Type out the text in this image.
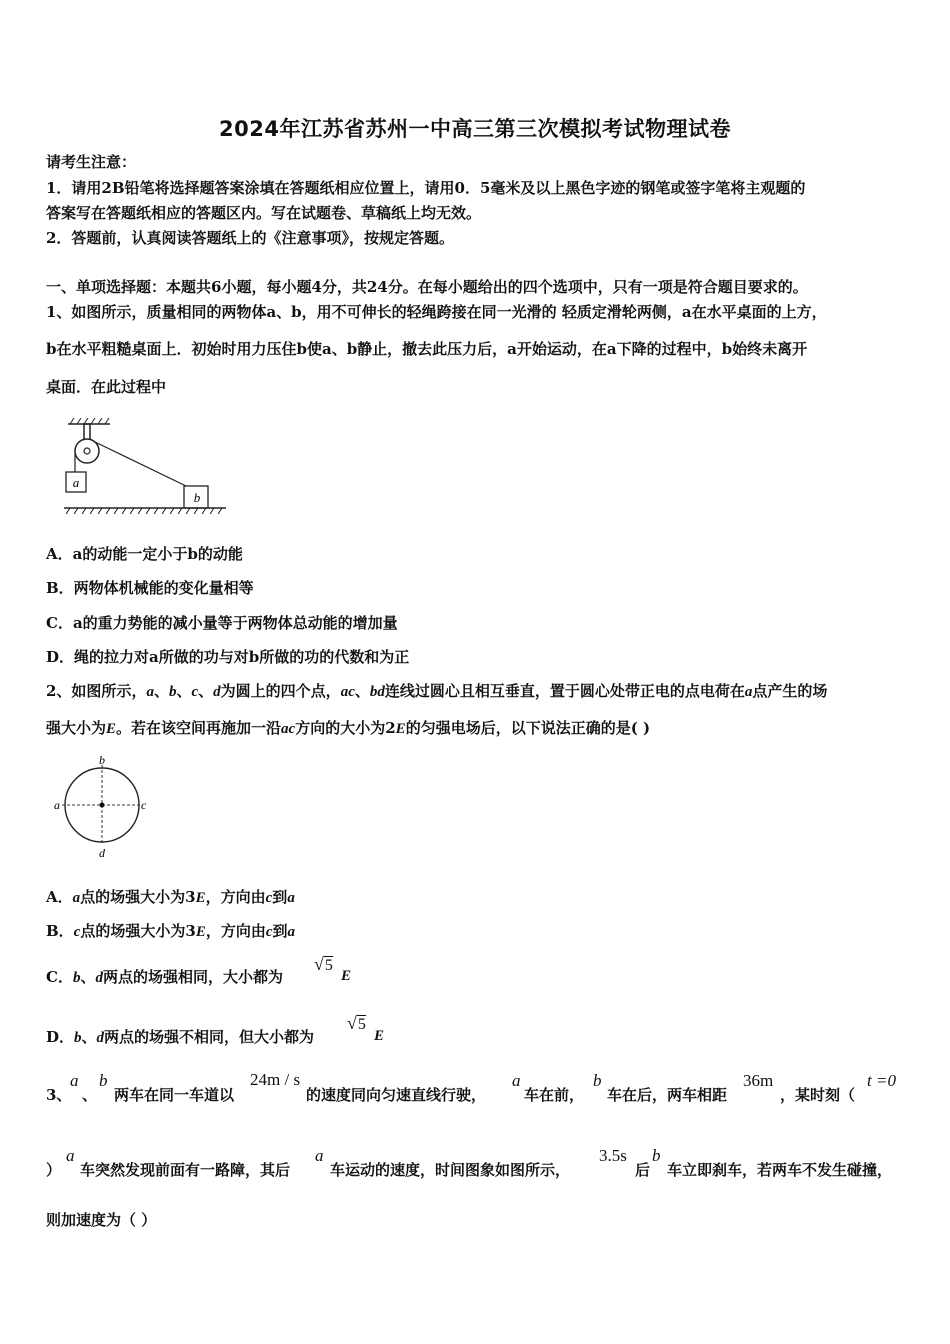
2024年江苏省苏州一中高三第三次模拟考试物理试卷
请考生注意：
1．请用2B铅笔将选择题答案涂填在答题纸相应位置上，请用0．5毫米及以上黑色字迹的钢笔或签字笔将主观题的
答案写在答题纸相应的答题区内。写在试题卷、草稿纸上均无效。
2．答题前，认真阅读答题纸上的《注意事项》，按规定答题。
一、单项选择题：本题共6小题，每小题4分，共24分。在每小题给出的四个选项中，只有一项是符合题目要求的。
1、如图所示，质量相同的两物体a、b，用不可伸长的轻绳跨接在同一光滑的 轻质定滑轮两侧，a在水平桌面的上方，
b在水平粗糙桌面上．初始时用力压住b使a、b静止，撤去此压力后，a开始运动，在a下降的过程中，b始终未离开
桌面．在此过程中
a
b
A．a的动能一定小于b的动能
B．两物体机械能的变化量相等
C．a的重力势能的减小量等于两物体总动能的增加量
D．绳的拉力对a所做的功与对b所做的功的代数和为正
2、如图所示，a、b、c、d为圆上的四个点，ac、bd连线过圆心且相互垂直，置于圆心处带正电的点电荷在a点产生的场
强大小为E。若在该空间再施加一沿ac方向的大小为2E的匀强电场后，以下说法正确的是( )
a	c
b
d
A．a点的场强大小为3E，方向由c到a
B．c点的场强大小为3E，方向由c到a
C．b、d两点的场强相同，大小都为
√5
E
D．b、d两点的场强不相同，但大小都为
√5
E
3、
a
、
b
两车在同一车道以
24m / s
的速度同向匀速直线行驶，
a
车在前，
b
车在后，两车相距
36m
，某时刻（
t =0
）
a
车突然发现前面有一路障，其后
a
车运动的速度，时间图象如图所示，
3.5s
后
b
车立即刹车，若两车不发生碰撞，
则加速度为（ ）
